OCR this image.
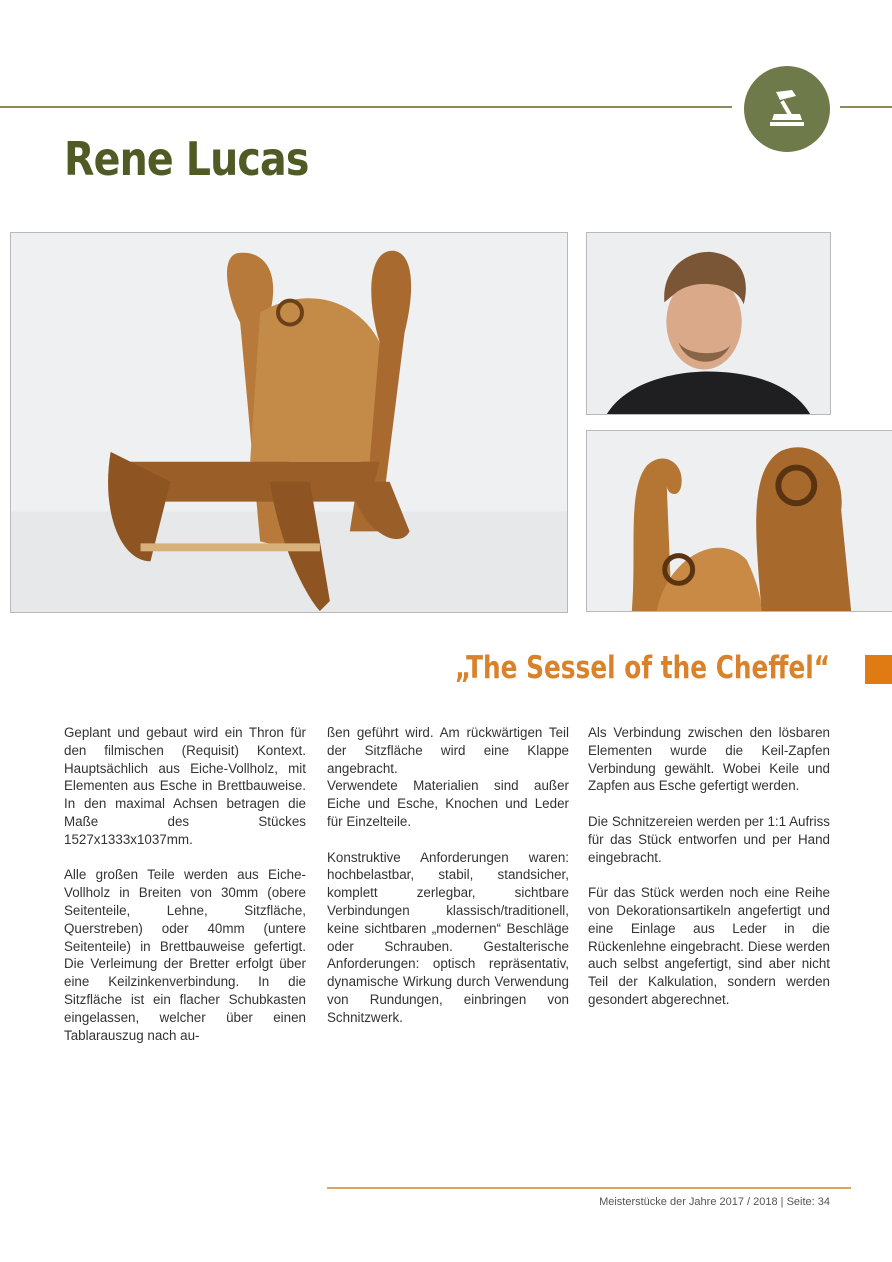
Rene Lucas
„The Sessel of the Cheffel“

Geplant und gebaut wird ein Thron für den filmischen (Requisit) Kontext. Hauptsächlich aus Eiche-Vollholz, mit Elementen aus Esche in Brettbauweise. In den maximal Achsen betragen die Maße des Stückes 1527x1333x1037mm.

Alle großen Teile werden aus Eiche-Vollholz in Breiten von 30mm (obere Seitenteile, Lehne, Sitzfläche, Querstreben) oder 40mm (untere Seitenteile) in Brettbauweise gefertigt. Die Verleimung der Bretter erfolgt über eine Keilzinkenverbindung. In die Sitzfläche ist ein flacher Schubkasten eingelassen, welcher über einen Tablarauszug nach au-

ßen geführt wird. Am rückwärtigen Teil der Sitzfläche wird eine Klappe angebracht.

Verwendete Materialien sind außer Eiche und Esche, Knochen und Leder für Einzelteile.

Konstruktive Anforderungen waren: hochbelastbar, stabil, standsicher, komplett zerlegbar, sichtbare Verbindungen klassisch/traditionell, keine sichtbaren „modernen“ Beschläge oder Schrauben. Gestalterische Anforderungen: optisch repräsentativ, dynamische Wirkung durch Verwendung von Rundungen, einbringen von Schnitzwerk.

Als Verbindung zwischen den lösbaren Elementen wurde die Keil-Zapfen Verbindung gewählt. Wobei Keile und Zapfen aus Esche gefertigt werden.

Die Schnitzereien werden per 1:1 Aufriss für das Stück entworfen und per Hand eingebracht.

Für das Stück werden noch eine Reihe von Dekorationsartikeln angefertigt und eine Einlage aus Leder in die Rückenlehne eingebracht. Diese werden auch selbst angefertigt, sind aber nicht Teil der Kalkulation, sondern werden gesondert abgerechnet.

Meisterstücke der Jahre 2017 / 2018 | Seite: 34
